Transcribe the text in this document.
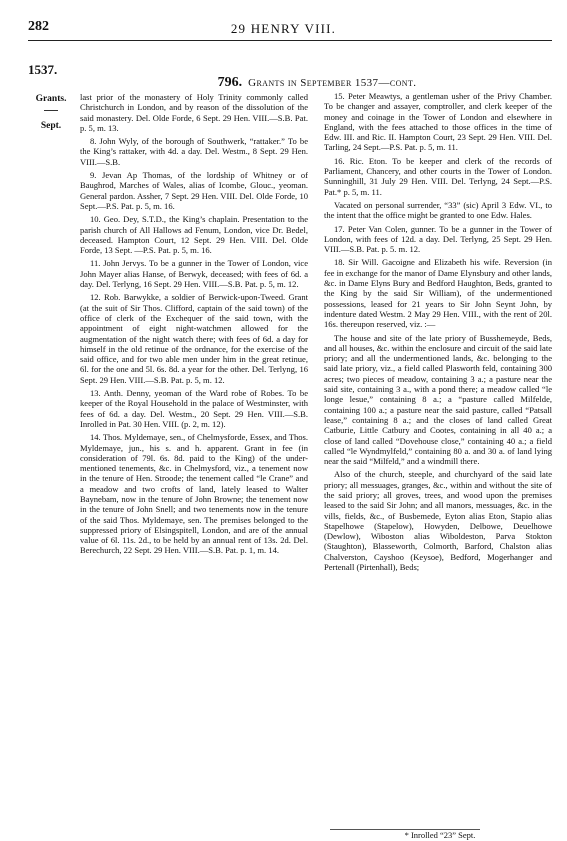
282	29 HENRY VIII.
1537.
796. Grants in September 1537—cont.
Grants.
Sept.

last prior of the monastery of Holy Trinity commonly called Christchurch in London, and by reason of the dissolution of the said monastery. Del. Olde Forde, 6 Sept. 29 Hen. VIII.—S.B. Pat. p. 5, m. 13.

8. John Wyly, of the borough of Southwerk, “rattaker.” To be the King’s rattaker, with 4d. a day. Del. Westm., 8 Sept. 29 Hen. VIII.—S.B.

9. Jevan Ap Thomas, of the lordship of Whitney or of Baughrod, Marches of Wales, alias of Icombe, Glouc., yeoman. General pardon. Assher, 7 Sept. 29 Hen. VIII. Del. Olde Forde, 10 Sept.—P.S. Pat. p. 5, m. 16.

10. Geo. Dey, S.T.D., the King’s chaplain. Presentation to the parish church of All Hallows ad Fenum, London, vice Dr. Bedel, deceased. Hampton Court, 12 Sept. 29 Hen. VIII. Del. Olde Forde, 13 Sept. —P.S. Pat. p. 5, m. 16.

11. John Jervys. To be a gunner in the Tower of London, vice John Mayer alias Hanse, of Berwyk, deceased; with fees of 6d. a day. Del. Terlyng, 16 Sept. 29 Hen. VIII.—S.B. Pat. p. 5, m. 12.

12. Rob. Barwykke, a soldier of Berwick-upon-Tweed. Grant (at the suit of Sir Thos. Clifford, captain of the said town) of the office of clerk of the Exchequer of the said town, with the appointment of eight night-watchmen allowed for the augmentation of the night watch there; with fees of 6d. a day for himself in the old retinue of the ordnance, for the exercise of the said office, and for two able men under him in the great retinue, 6l. for the one and 5l. 6s. 8d. a year for the other. Del. Terlyng, 16 Sept. 29 Hen. VIII.—S.B. Pat. p. 5, m. 12.

13. Anth. Denny, yeoman of the Ward robe of Robes. To be keeper of the Royal Household in the palace of Westminster, with fees of 6d. a day. Del. Westm., 20 Sept. 29 Hen. VIII.—S.B. Inrolled in Pat. 30 Hen. VIII. (p. 2, m. 12).

14. Thos. Myldemaye, sen., of Chelmysforde, Essex, and Thos. Myldemaye, jun., his s. and h. apparent. Grant in fee (in consideration of 79l. 6s. 8d. paid to the King) of the under-mentioned tenements, &c. in Chelmysford, viz., a tenement now in the tenure of Hen. Stroode; the tenement called “le Crane” and a meadow and two crofts of land, lately leased to Walter Baynebam, now in the tenure of John Browne; the tenement now in the tenure of John Snell; and two tenements now in the tenure of the said Thos. Myldemaye, sen. The premises belonged to the suppressed priory of Elsingspitell, London, and are of the annual value of 6l. 11s. 2d., to be held by an annual rent of 13s. 2d. Del. Berechurch, 22 Sept. 29 Hen. VIII.—S.B. Pat. p. 1, m. 14.

15. Peter Meawtys, a gentleman usher of the Privy Chamber. To be changer and assayer, comptroller, and clerk keeper of the money and coinage in the Tower of London and elsewhere in England, with the fees attached to those offices in the time of Edw. III. and Ric. II. Hampton Court, 23 Sept. 29 Hen. VIII. Del. Tarling, 24 Sept.—P.S. Pat. p. 5, m. 11.

16. Ric. Eton. To be keeper and clerk of the records of Parliament, Chancery, and other courts in the Tower of London. Sunninghill, 31 July 29 Hen. VIII. Del. Terlyng, 24 Sept.—P.S. Pat.* p. 5, m. 11.

Vacated on personal surrender, “33” (sic) April 3 Edw. VI., to the intent that the office might be granted to one Edw. Hales.

17. Peter Van Colen, gunner. To be a gunner in the Tower of London, with fees of 12d. a day. Del. Terlyng, 25 Sept. 29 Hen. VIII.—S.B. Pat. p. 5. m. 12.

18. Sir Will. Gacoigne and Elizabeth his wife. Reversion (in fee in exchange for the manor of Dame Elynsbury and other lands, &c. in Dame Elyns Bury and Bedford Haughton, Beds, granted to the King by the said Sir William), of the undermentioned possessions, leased for 21 years to Sir John Seynt John, by indenture dated Westm. 2 May 29 Hen. VIII., with the rent of 20l. 16s. thereupon reserved, viz. :—

The house and site of the late priory of Busshemeyde, Beds, and all houses, &c. within the enclosure and circuit of the said late priory; and all the undermentioned lands, &c. belonging to the said late priory, viz., a field called Plasworth feld, containing 300 acres; two pieces of meadow, containing 3 a.; a pasture near the said site, containing 3 a., with a pond there; a meadow called “le longe lesue,” containing 8 a.; a “pasture called Milfelde, containing 100 a.; a pasture near the said pasture, called “Patsall lease,” containing 8 a.; and the closes of land called Great Catburie, Little Catbury and Cootes, containing in all 40 a.; a close of land called “Dovehouse close,” containing 40 a.; a field called “le Wyndmylfeld,” containing 80 a. and 30 a. of land lying near the said “Milfeld,” and a windmill there.

Also of the church, steeple, and churchyard of the said late priory; all messuages, granges, &c., within and without the site of the said priory; all groves, trees, and wood upon the premises leased to the said Sir John; and all manors, messuages, &c. in the vills, fields, &c., of Busbemede, Eyton alias Eton, Stapio alias Stapelhowe (Stapelow), Howyden, Delbowe, Deuelhowe (Dewlow), Wiboston alias Wiboldeston, Parva Stokton (Staughton), Blasseworth, Colmorth, Barford, Chalston alias Chalverston, Cayshoo (Keysoe), Bedford, Mogerhanger and Pertenall (Pirtenhall), Beds;

* Inrolled “23” Sept.
